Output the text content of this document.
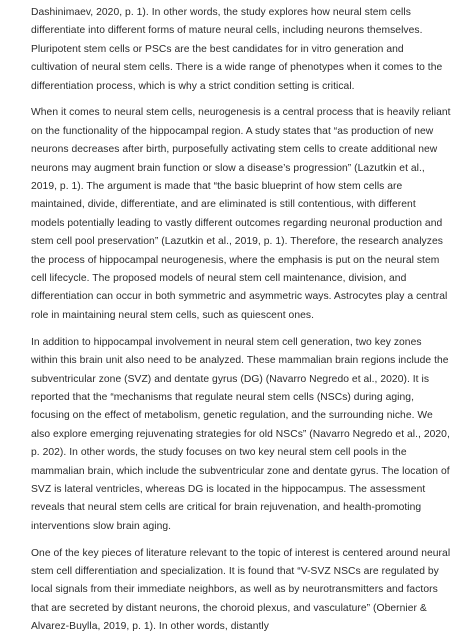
Dashinimaev, 2020, p. 1). In other words, the study explores how neural stem cells differentiate into different forms of mature neural cells, including neurons themselves. Pluripotent stem cells or PSCs are the best candidates for in vitro generation and cultivation of neural stem cells. There is a wide range of phenotypes when it comes to the differentiation process, which is why a strict condition setting is critical.

When it comes to neural stem cells, neurogenesis is a central process that is heavily reliant on the functionality of the hippocampal region. A study states that “as production of new neurons decreases after birth, purposefully activating stem cells to create additional new neurons may augment brain function or slow a disease’s progression” (Lazutkin et al., 2019, p. 1). The argument is made that “the basic blueprint of how stem cells are maintained, divide, differentiate, and are eliminated is still contentious, with different models potentially leading to vastly different outcomes regarding neuronal production and stem cell pool preservation” (Lazutkin et al., 2019, p. 1). Therefore, the research analyzes the process of hippocampal neurogenesis, where the emphasis is put on the neural stem cell lifecycle. The proposed models of neural stem cell maintenance, division, and differentiation can occur in both symmetric and asymmetric ways. Astrocytes play a central role in maintaining neural stem cells, such as quiescent ones.

In addition to hippocampal involvement in neural stem cell generation, two key zones within this brain unit also need to be analyzed. These mammalian brain regions include the subventricular zone (SVZ) and dentate gyrus (DG) (Navarro Negredo et al., 2020). It is reported that the “mechanisms that regulate neural stem cells (NSCs) during aging, focusing on the effect of metabolism, genetic regulation, and the surrounding niche. We also explore emerging rejuvenating strategies for old NSCs” (Navarro Negredo et al., 2020, p. 202). In other words, the study focuses on two key neural stem cell pools in the mammalian brain, which include the subventricular zone and dentate gyrus. The location of SVZ is lateral ventricles, whereas DG is located in the hippocampus. The assessment reveals that neural stem cells are critical for brain rejuvenation, and health-promoting interventions slow brain aging.

One of the key pieces of literature relevant to the topic of interest is centered around neural stem cell differentiation and specialization. It is found that “V-SVZ NSCs are regulated by local signals from their immediate neighbors, as well as by neurotransmitters and factors that are secreted by distant neurons, the choroid plexus, and vasculature” (Obernier & Alvarez-Buylla, 2019, p. 1). In other words, distantly
